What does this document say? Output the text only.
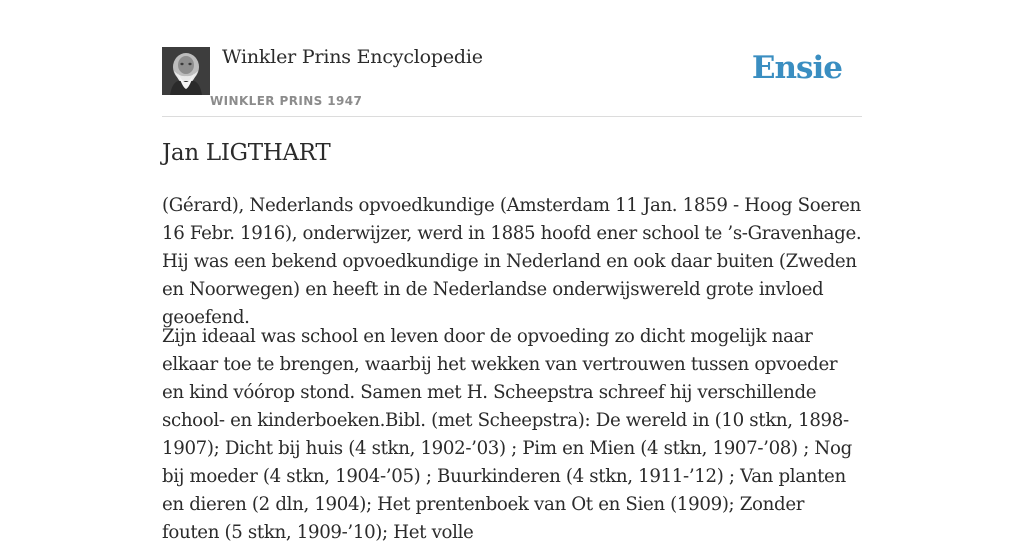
Winkler Prins Encyclopedie
WINKLER PRINS 1947
Ensie
Jan LIGTHART

(Gérard), Nederlands opvoedkundige (Amsterdam 11 Jan. 1859 - Hoog Soeren 16 Febr. 1916), onderwijzer, werd in 1885 hoofd ener school te ’s-Gravenhage. Hij was een bekend opvoedkundige in Nederland en ook daar buiten (Zweden en Noorwegen) en heeft in de Nederlandse onderwijswereld grote invloed geoefend.

Zijn ideaal was school en leven door de opvoeding zo dicht mogelijk naar elkaar toe te brengen, waarbij het wekken van vertrouwen tussen opvoeder en kind vóórop stond. Samen met H. Scheepstra schreef hij verschillende school- en kinderboeken.Bibl. (met Scheepstra): De wereld in (10 stkn, 1898-1907); Dicht bij huis (4 stkn, 1902-’03) ; Pim en Mien (4 stkn, 1907-’08) ; Nog bij moeder (4 stkn, 1904-’05) ; Buurkinderen (4 stkn, 1911-’12) ; Van planten en dieren (2 dln, 1904); Het prentenboek van Ot en Sien (1909); Zonder fouten (5 stkn, 1909-’10); Het volle
